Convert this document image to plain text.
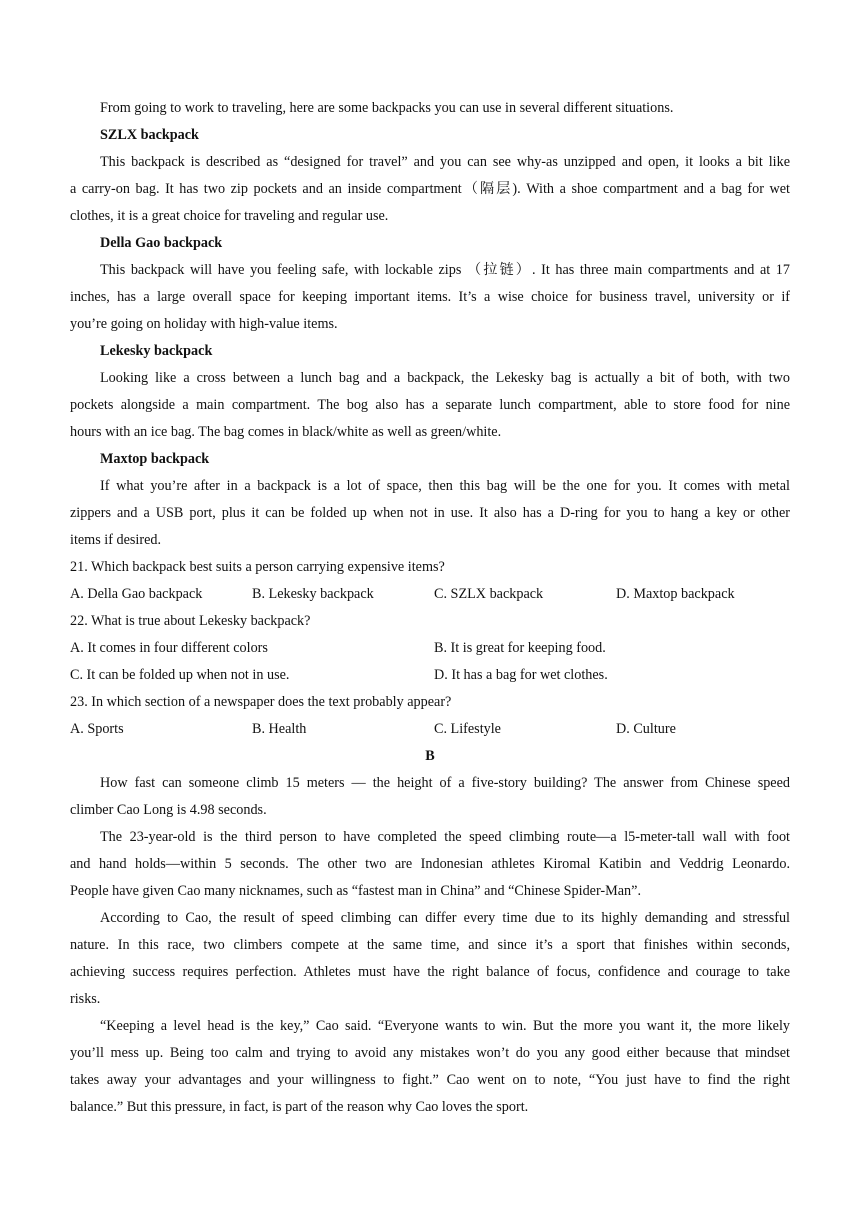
From going to work to traveling, here are some backpacks you can use in several different situations.
SZLX backpack
This backpack is described as “designed for travel” and you can see why-as unzipped and open, it looks a bit like
a carry-on bag. It has two zip pockets and an inside compartment（隔层). With a shoe compartment and a bag for wet
clothes, it is a great choice for traveling and regular use.
Della Gao backpack
This backpack will have you feeling safe, with lockable zips （拉链）. It has three main compartments and at 17
inches, has a large overall space for keeping important items. It’s a wise choice for business travel, university or if
you’re going on holiday with high-value items.
Lekesky backpack
Looking like a cross between a lunch bag and a backpack, the Lekesky bag is actually a bit of both, with two
pockets alongside a main compartment. The bog also has a separate lunch compartment, able to store food for nine
hours with an ice bag. The bag comes in black/white as well as green/white.
Maxtop backpack
If what you’re after in a backpack is a lot of space, then this bag will be the one for you. It comes with metal
zippers and a USB port, plus it can be folded up when not in use. It also has a D-ring for you to hang a key or other
items if desired.
21. Which backpack best suits a person carrying expensive items?
A. Della Gao backpack	B. Lekesky backpack	C. SZLX backpack	D. Maxtop backpack
22. What is true about Lekesky backpack?
A. It comes in four different colors	B. It is great for keeping food.
C. It can be folded up when not in use.	D. It has a bag for wet clothes.
23. In which section of a newspaper does the text probably appear?
A. Sports	B. Health	C. Lifestyle	D. Culture
B
How fast can someone climb 15 meters — the height of a five-story building? The answer from Chinese speed
climber Cao Long is 4.98 seconds.
The 23-year-old is the third person to have completed the speed climbing route—a l5-meter-tall wall with foot
and hand holds—within 5 seconds. The other two are Indonesian athletes Kiromal Katibin and Veddrig Leonardo.
People have given Cao many nicknames, such as “fastest man in China” and “Chinese Spider-Man”.
According to Cao, the result of speed climbing can differ every time due to its highly demanding and stressful
nature. In this race, two climbers compete at the same time, and since it’s a sport that finishes within seconds,
achieving success requires perfection. Athletes must have the right balance of focus, confidence and courage to take
risks.
“Keeping a level head is the key,” Cao said. “Everyone wants to win. But the more you want it, the more likely
you’ll mess up. Being too calm and trying to avoid any mistakes won’t do you any good either because that mindset
takes away your advantages and your willingness to fight.” Cao went on to note, “You just have to find the right
balance.” But this pressure, in fact, is part of the reason why Cao loves the sport.
